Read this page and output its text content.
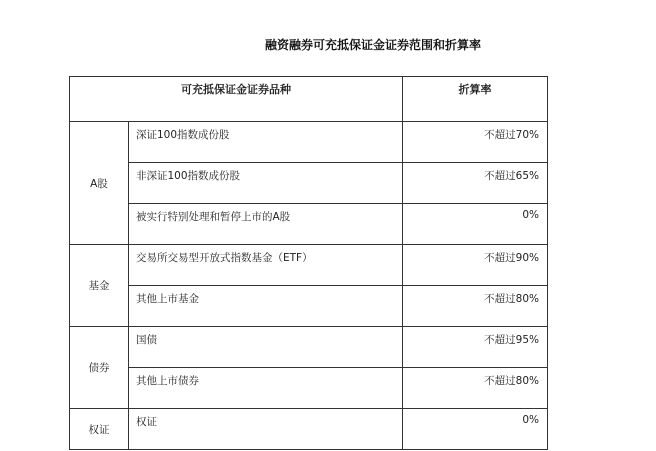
融资融券可充抵保证金证券范围和折算率
可充抵保证金证券品种		折算率
A股	深证100指数成份股	不超过70%
	非深证100指数成份股	不超过65%
	被实行特别处理和暂停上市的A股	0%
基金	交易所交易型开放式指数基金（ETF）	不超过90%
	其他上市基金	不超过80%
债券	国债	不超过95%
	其他上市债券	不超过80%
权证	权证	0%
